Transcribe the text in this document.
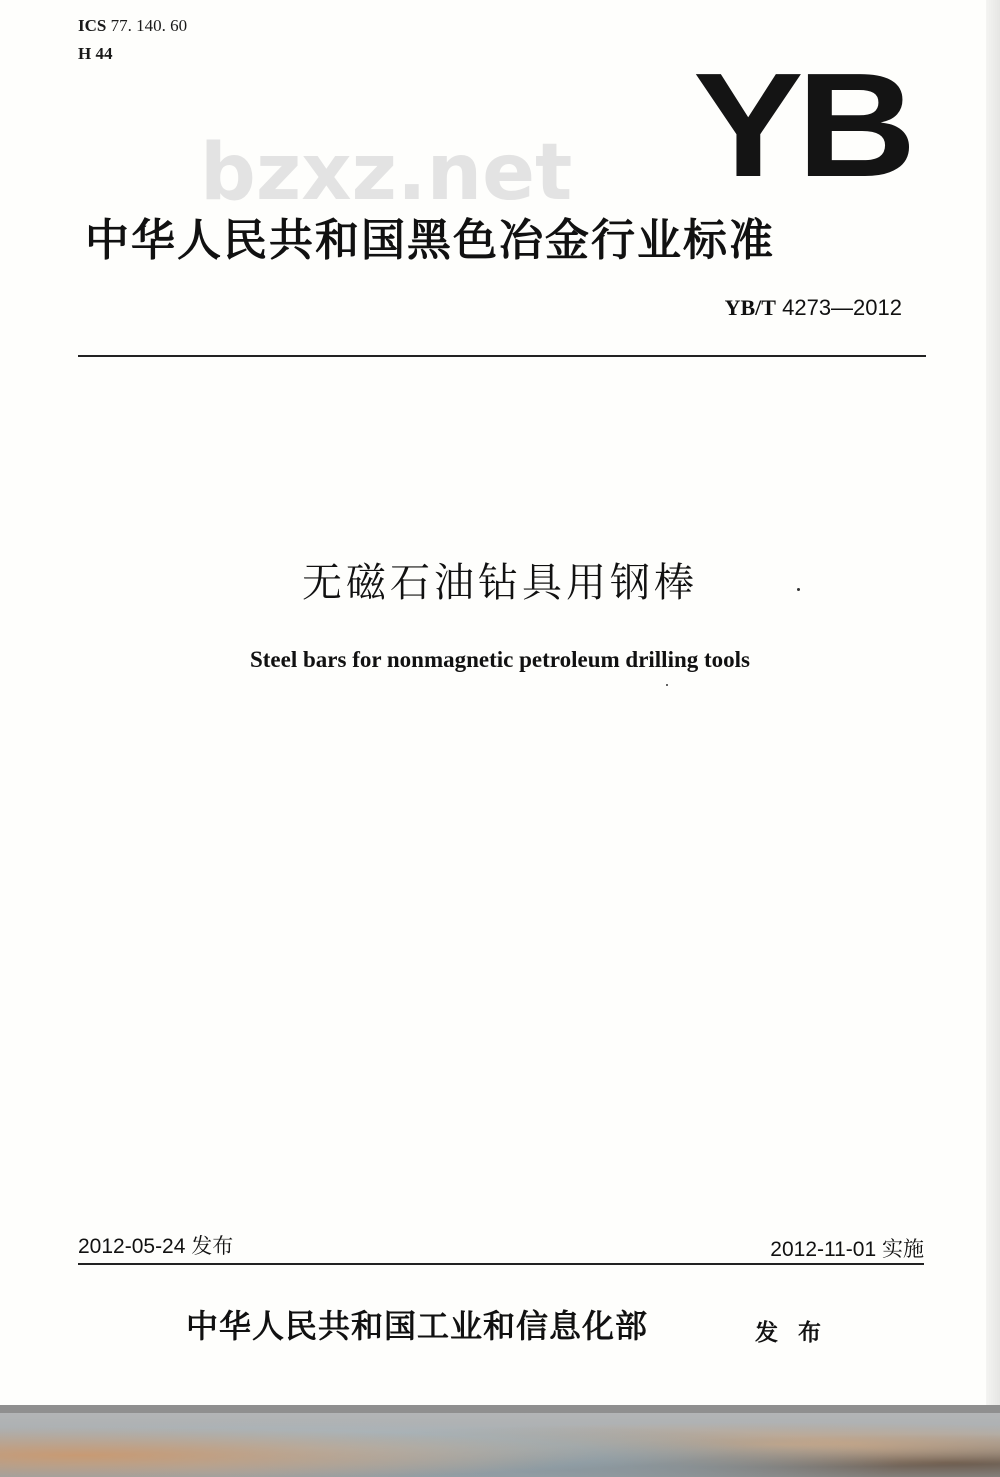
ICS 77. 140. 60
H 44
bzxz.net YB
中华人民共和国黑色冶金行业标准
YB/T 4273—2012
无磁石油钻具用钢棒
Steel bars for nonmagnetic petroleum drilling tools
2012-05-24 发布	2012-11-01 实施
中华人民共和国工业和信息化部	发 布
